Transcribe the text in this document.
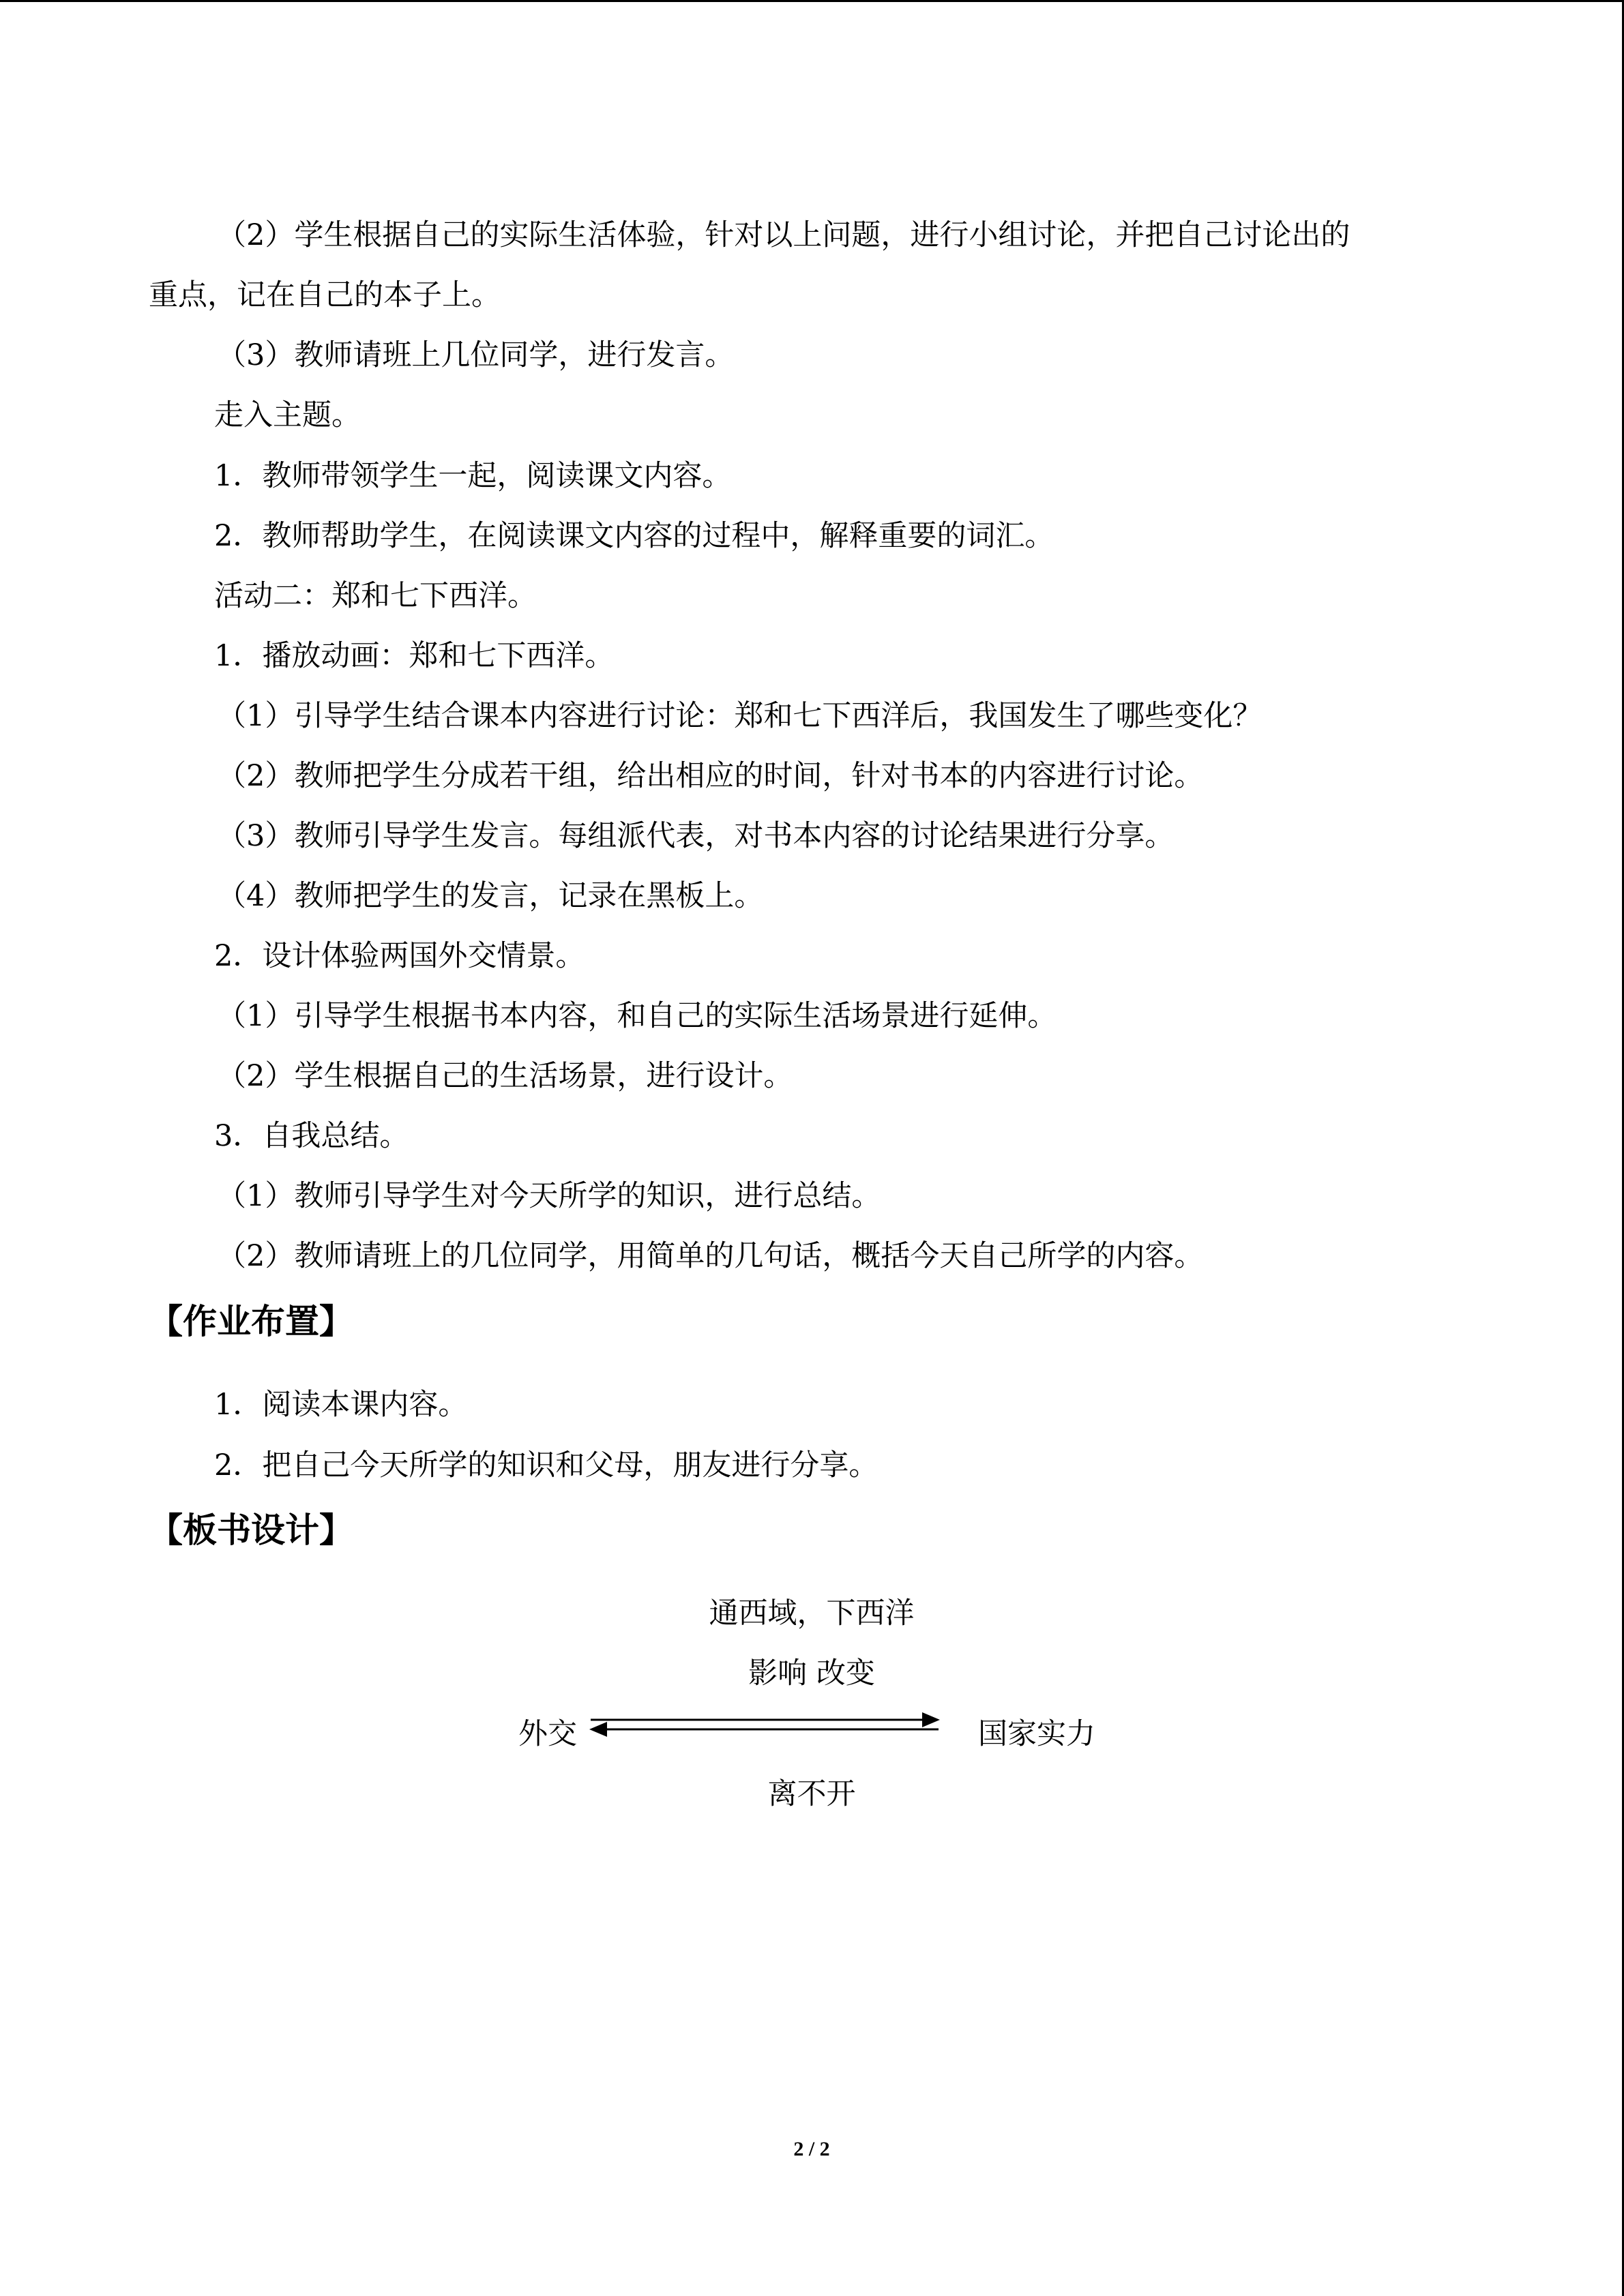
（2）学生根据自己的实际生活体验，针对以上问题，进行小组讨论，并把自己讨论出的
重点，记在自己的本子上。
（3）教师请班上几位同学，进行发言。
走入主题。
1．教师带领学生一起，阅读课文内容。
2．教师帮助学生，在阅读课文内容的过程中，解释重要的词汇。
活动二：郑和七下西洋。
1．播放动画：郑和七下西洋。
（1）引导学生结合课本内容进行讨论：郑和七下西洋后，我国发生了哪些变化？
（2）教师把学生分成若干组，给出相应的时间，针对书本的内容进行讨论。
（3）教师引导学生发言。每组派代表，对书本内容的讨论结果进行分享。
（4）教师把学生的发言，记录在黑板上。
2．设计体验两国外交情景。
（1）引导学生根据书本内容，和自己的实际生活场景进行延伸。
（2）学生根据自己的生活场景，进行设计。
3．自我总结。
（1）教师引导学生对今天所学的知识，进行总结。
（2）教师请班上的几位同学，用简单的几句话，概括今天自己所学的内容。
【作业布置】
1．阅读本课内容。
2．把自己今天所学的知识和父母，朋友进行分享。
【板书设计】
通西域，下西洋
影响 改变
外交	国家实力
离不开
2 / 2
